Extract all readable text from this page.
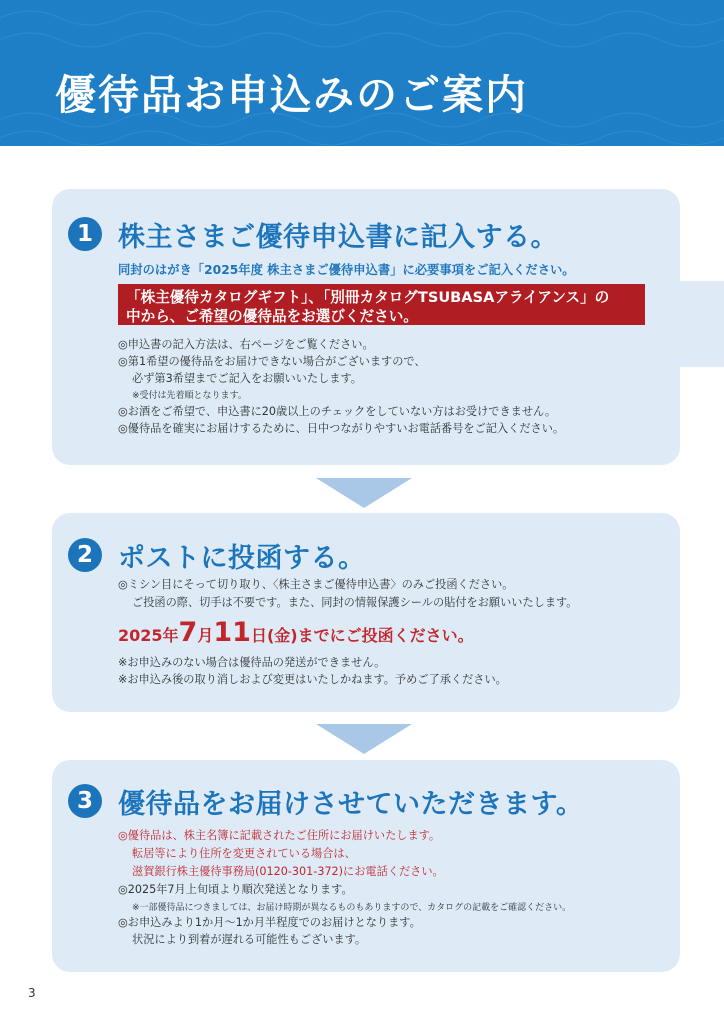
優待品お申込みのご案内
1 株主さまご優待申込書に記入する。
同封のはがき「2025年度 株主さまご優待申込書」に必要事項をご記入ください。
「株主優待カタログギフト」、「別冊カタログTSUBASAアライアンス」の
中から、ご希望の優待品をお選びください。
◎申込書の記入方法は、右ページをご覧ください。
◎第1希望の優待品をお届けできない場合がございますので、
必ず第3希望までご記入をお願いいたします。
※受付は先着順となります。
◎お酒をご希望で、申込書に20歳以上のチェックをしていない方はお受けできません。
◎優待品を確実にお届けするために、日中つながりやすいお電話番号をご記入ください。
2 ポストに投函する。
◎ミシン目にそって切り取り、〈株主さまご優待申込書〉のみご投函ください。
ご投函の際、切手は不要です。また、同封の情報保護シールの貼付をお願いいたします。
2025年7月11日(金)までにご投函ください。
※お申込みのない場合は優待品の発送ができません。
※お申込み後の取り消しおよび変更はいたしかねます。予めご了承ください。
3 優待品をお届けさせていただきます。
◎優待品は、株主名簿に記載されたご住所にお届けいたします。
転居等により住所を変更されている場合は、
滋賀銀行株主優待事務局(0120-301-372)にお電話ください。
◎2025年7月上旬頃より順次発送となります。
※一部優待品につきましては、お届け時期が異なるものもありますので、カタログの記載をご確認ください。
◎お申込みより1か月〜1か月半程度でのお届けとなります。
状況により到着が遅れる可能性もございます。
3
